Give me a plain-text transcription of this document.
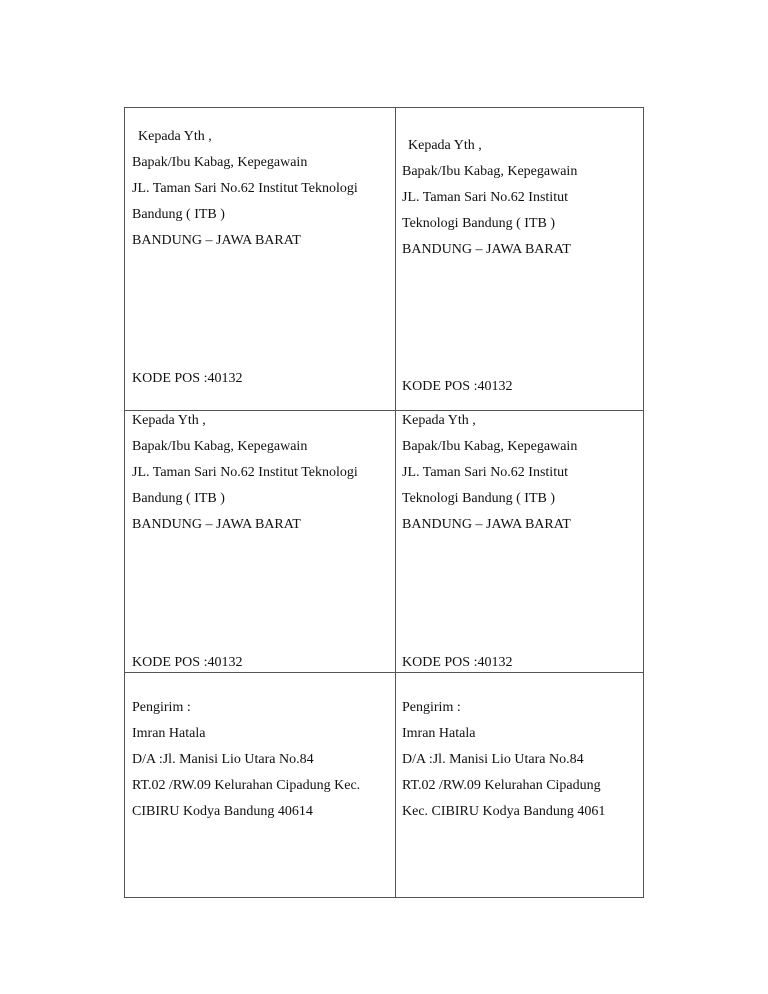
Kepada Yth ,
Bapak/Ibu Kabag, Kepegawain
JL. Taman Sari No.62 Institut Teknologi
Bandung ( ITB )
BANDUNG – JAWA BARAT
KODE POS :40132
Kepada Yth ,
Bapak/Ibu Kabag, Kepegawain
JL. Taman Sari No.62 Institut
Teknologi Bandung ( ITB )
BANDUNG – JAWA BARAT
KODE POS :40132
Kepada Yth ,
Bapak/Ibu Kabag, Kepegawain
JL. Taman Sari No.62 Institut Teknologi
Bandung ( ITB )
BANDUNG – JAWA BARAT
KODE POS :40132
Kepada Yth ,
Bapak/Ibu Kabag, Kepegawain
JL. Taman Sari No.62 Institut
Teknologi Bandung ( ITB )
BANDUNG – JAWA BARAT
KODE POS :40132
Pengirim :
Imran Hatala
D/A :Jl. Manisi Lio Utara No.84
RT.02 /RW.09 Kelurahan Cipadung Kec.
CIBIRU Kodya Bandung 40614
Pengirim :
Imran Hatala
D/A :Jl. Manisi Lio Utara No.84
RT.02 /RW.09 Kelurahan Cipadung
Kec. CIBIRU Kodya Bandung 4061
